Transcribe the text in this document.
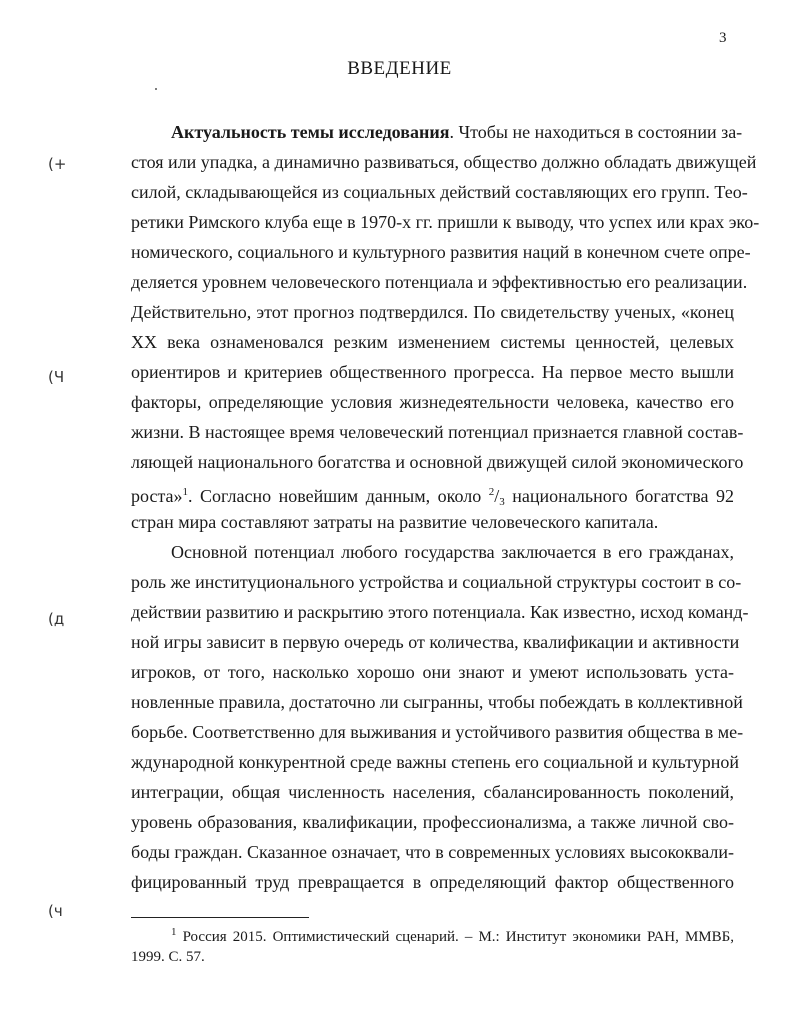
3
ВВЕДЕНИЕ
Актуальность темы исследования. Чтобы не находиться в состоянии за-
стоя или упадка, а динамично развиваться, общество должно обладать движущей
силой, складывающейся из социальных действий составляющих его групп. Тео-
ретики Римского клуба еще в 1970-х гг. пришли к выводу, что успех или крах эко-
номического, социального и культурного развития наций в конечном счете опре-
деляется уровнем человеческого потенциала и эффективностью его реализации.
Действительно, этот прогноз подтвердился. По свидетельству ученых, «конец
XX века ознаменовался резким изменением системы ценностей, целевых
ориентиров и критериев общественного прогресса. На первое место вышли
факторы, определяющие условия жизнедеятельности человека, качество его
жизни. В настоящее время человеческий потенциал признается главной состав-
ляющей национального богатства и основной движущей силой экономического
роста»$^1$. Согласно новейшим данным, около $^2$/3 национального богатства 92
стран мира составляют затраты на развитие человеческого капитала.
Основной потенциал любого государства заключается в его гражданах,
роль же институционального устройства и социальной структуры состоит в со-
действии развитию и раскрытию этого потенциала. Как известно, исход команд-
ной игры зависит в первую очередь от количества, квалификации и активности
игроков, от того, насколько хорошо они знают и умеют использовать уста-
новленные правила, достаточно ли сыгранны, чтобы побеждать в коллективной
борьбе. Соответственно для выживания и устойчивого развития общества в ме-
ждународной конкурентной среде важны степень его социальной и культурной
интеграции, общая численность населения, сбалансированность поколений,
уровень образования, квалификации, профессионализма, а также личной сво-
боды граждан. Сказанное означает, что в современных условиях высококвали-
фицированный труд превращается в определяющий фактор общественного
(+
(Ч
(д
(ч
$^1$ Россия 2015. Оптимистический сценарий. – М.: Институт экономики РАН, ММВБ,
1999. С. 57.
